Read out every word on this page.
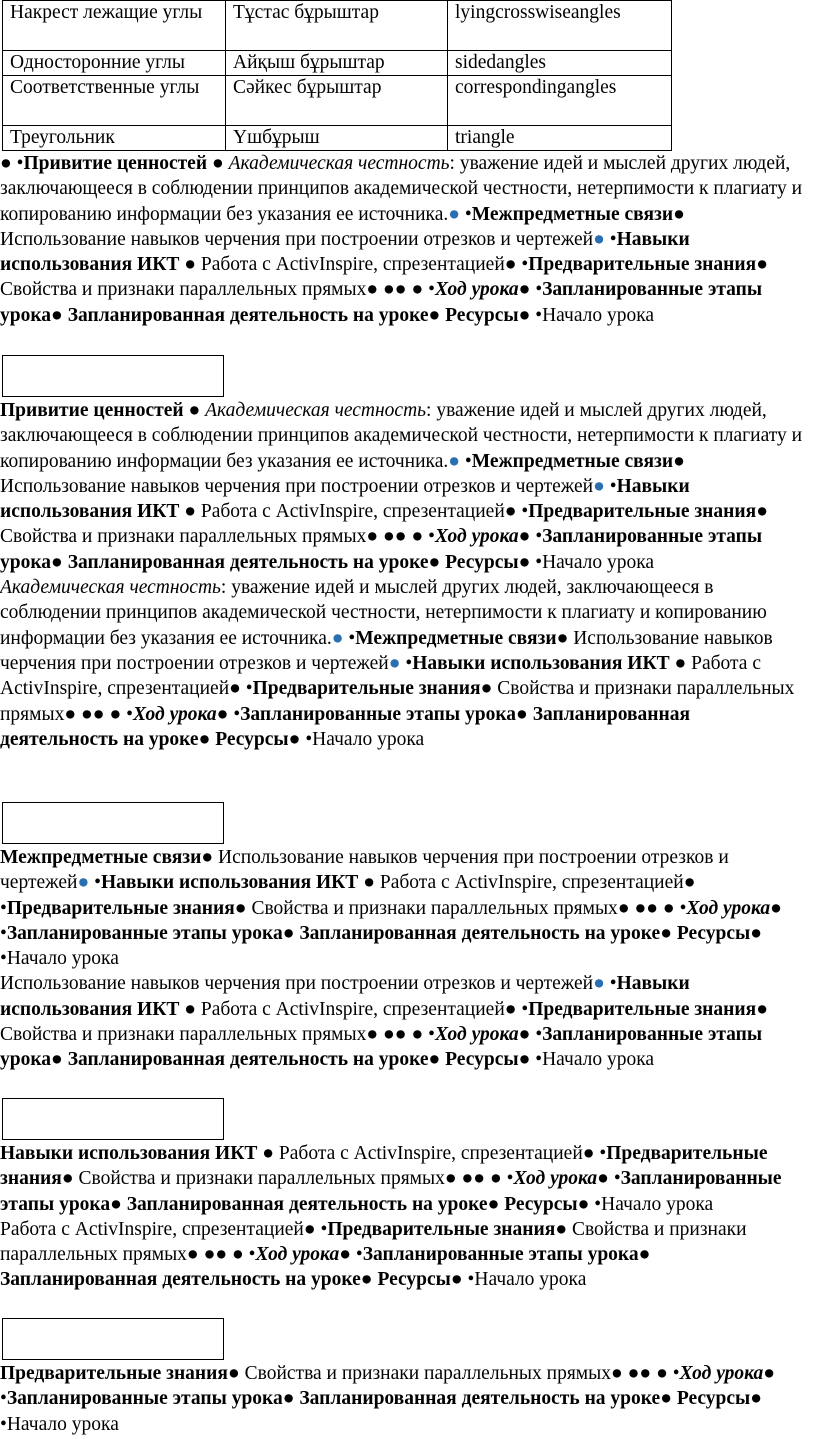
Накрест лежащие углы	Тұстас бұрыштар	lyingcrosswiseangles
Односторонние углы	Айқыш бұрыштар	sidedangles
Соответственные углы	Сәйкес бұрыштар	correspondingangles
Треугольник	Үшбұрыш	triangle

● •Привитие ценностей ● Академическая честность: уважение идей и мыслей других людей, заключающееся в соблюдении принципов академической честности, нетерпимости к плагиату и копированию информации без указания ее источника.● •Межпредметные связи● Использование навыков черчения при построении отрезков и чертежей● •Навыки использования ИКТ ● Работа с ActivInspire, спрезентацией● •Предварительные знания● Свойства и признаки параллельных прямых● ●● ● •Ход урока● •Запланированные этапы урока● Запланированная деятельность на уроке● Ресурсы● •Начало урока

Привитие ценностей ● Академическая честность: уважение идей и мыслей других людей, заключающееся в соблюдении принципов академической честности, нетерпимости к плагиату и копированию информации без указания ее источника.● •Межпредметные связи● Использование навыков черчения при построении отрезков и чертежей● •Навыки использования ИКТ ● Работа с ActivInspire, спрезентацией● •Предварительные знания● Свойства и признаки параллельных прямых● ●● ● •Ход урока● •Запланированные этапы урока● Запланированная деятельность на уроке● Ресурсы● •Начало урока

Академическая честность: уважение идей и мыслей других людей, заключающееся в соблюдении принципов академической честности, нетерпимости к плагиату и копированию информации без указания ее источника.● •Межпредметные связи● Использование навыков черчения при построении отрезков и чертежей● •Навыки использования ИКТ ● Работа с ActivInspire, спрезентацией● •Предварительные знания● Свойства и признаки параллельных прямых● ●● ● •Ход урока● •Запланированные этапы урока● Запланированная деятельность на уроке● Ресурсы● •Начало урока

Межпредметные связи● Использование навыков черчения при построении отрезков и чертежей● •Навыки использования ИКТ ● Работа с ActivInspire, спрезентацией● •Предварительные знания● Свойства и признаки параллельных прямых● ●● ● •Ход урока● •Запланированные этапы урока● Запланированная деятельность на уроке● Ресурсы● •Начало урока

Использование навыков черчения при построении отрезков и чертежей● •Навыки использования ИКТ ● Работа с ActivInspire, спрезентацией● •Предварительные знания● Свойства и признаки параллельных прямых● ●● ● •Ход урока● •Запланированные этапы урока● Запланированная деятельность на уроке● Ресурсы● •Начало урока

Навыки использования ИКТ ● Работа с ActivInspire, спрезентацией● •Предварительные знания● Свойства и признаки параллельных прямых● ●● ● •Ход урока● •Запланированные этапы урока● Запланированная деятельность на уроке● Ресурсы● •Начало урока

Работа с ActivInspire, спрезентацией● •Предварительные знания● Свойства и признаки параллельных прямых● ●● ● •Ход урока● •Запланированные этапы урока● Запланированная деятельность на уроке● Ресурсы● •Начало урока

Предварительные знания● Свойства и признаки параллельных прямых● ●● ● •Ход урока● •Запланированные этапы урока● Запланированная деятельность на уроке● Ресурсы● •Начало урока
